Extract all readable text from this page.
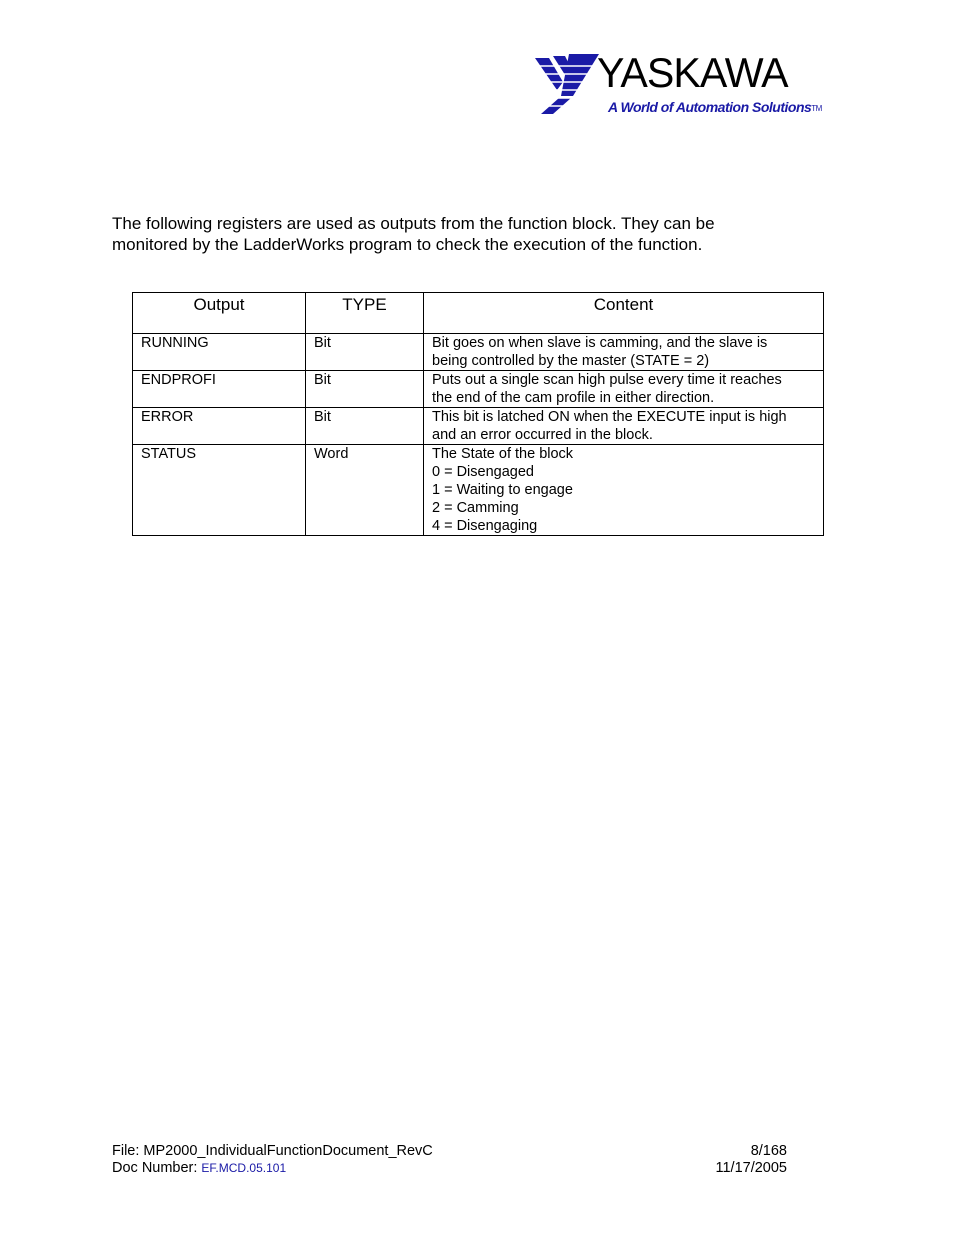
YASKAWA
A World of Automation Solutions™

The following registers are used as outputs from the function block. They can be

monitored by the LadderWorks program to check the execution of the function.

Output	TYPE	Content
RUNNING	Bit	Bit goes on when slave is camming, and the slave is
being controlled by the master (STATE = 2)

ENDPROFI	Bit	Puts out a single scan high pulse every time it reaches
the end of the cam profile in either direction.

ERROR	Bit	This bit is latched ON when the EXECUTE input is high
and an error occurred in the block.

STATUS	Word	The State of the block
0 = Disengaged
1 = Waiting to engage
2 = Camming
4 = Disengaging
File: MP2000_IndividualFunctionDocument_RevC	8/168
Doc Number: EF.MCD.05.101	11/17/2005
